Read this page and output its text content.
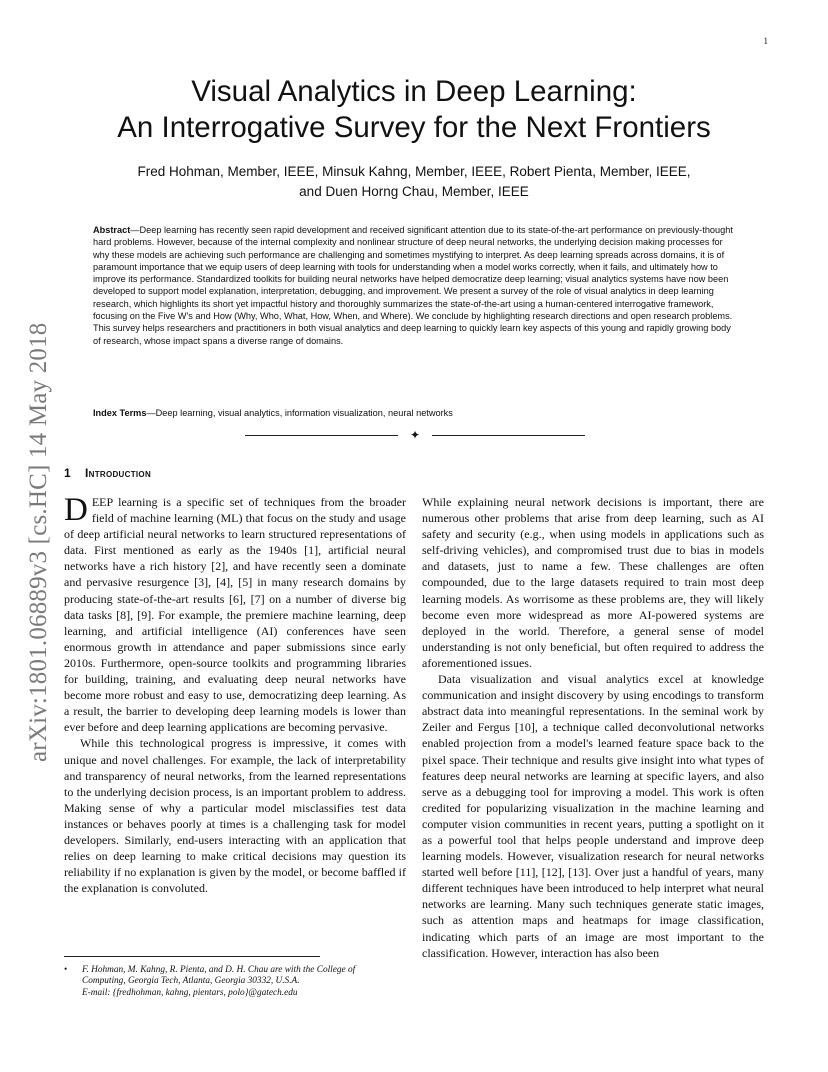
1
arXiv:1801.06889v3 [cs.HC] 14 May 2018
Visual Analytics in Deep Learning:
An Interrogative Survey for the Next Frontiers
Fred Hohman, Member, IEEE, Minsuk Kahng, Member, IEEE, Robert Pienta, Member, IEEE,
and Duen Horng Chau, Member, IEEE
Abstract—Deep learning has recently seen rapid development and received significant attention due to its state-of-the-art performance on previously-thought hard problems. However, because of the internal complexity and nonlinear structure of deep neural networks, the underlying decision making processes for why these models are achieving such performance are challenging and sometimes mystifying to interpret. As deep learning spreads across domains, it is of paramount importance that we equip users of deep learning with tools for understanding when a model works correctly, when it fails, and ultimately how to improve its performance. Standardized toolkits for building neural networks have helped democratize deep learning; visual analytics systems have now been developed to support model explanation, interpretation, debugging, and improvement. We present a survey of the role of visual analytics in deep learning research, which highlights its short yet impactful history and thoroughly summarizes the state-of-the-art using a human-centered interrogative framework, focusing on the Five W's and How (Why, Who, What, How, When, and Where). We conclude by highlighting research directions and open research problems. This survey helps researchers and practitioners in both visual analytics and deep learning to quickly learn key aspects of this young and rapidly growing body of research, whose impact spans a diverse range of domains.
Index Terms—Deep learning, visual analytics, information visualization, neural networks
✦
1 Introduction

DEEP learning is a specific set of techniques from the broader field of machine learning (ML) that focus on the study and usage of deep artificial neural networks to learn structured representations of data. First mentioned as early as the 1940s [1], artificial neural networks have a rich history [2], and have recently seen a dominate and pervasive resurgence [3], [4], [5] in many research domains by producing state-of-the-art results [6], [7] on a number of diverse big data tasks [8], [9]. For example, the premiere machine learning, deep learning, and artificial intelligence (AI) conferences have seen enormous growth in attendance and paper submissions since early 2010s. Furthermore, open-source toolkits and programming libraries for building, training, and evaluating deep neural networks have become more robust and easy to use, democratizing deep learning. As a result, the barrier to developing deep learning models is lower than ever before and deep learning applications are becoming pervasive.

While this technological progress is impressive, it comes with unique and novel challenges. For example, the lack of interpretability and transparency of neural networks, from the learned representations to the underlying decision process, is an important problem to address. Making sense of why a particular model misclassifies test data instances or behaves poorly at times is a challenging task for model developers. Similarly, end-users interacting with an application that relies on deep learning to make critical decisions may question its reliability if no explanation is given by the model, or become baffled if the explanation is convoluted.

While explaining neural network decisions is important, there are numerous other problems that arise from deep learning, such as AI safety and security (e.g., when using models in applications such as self-driving vehicles), and compromised trust due to bias in models and datasets, just to name a few. These challenges are often compounded, due to the large datasets required to train most deep learning models. As worrisome as these problems are, they will likely become even more widespread as more AI-powered systems are deployed in the world. Therefore, a general sense of model understanding is not only beneficial, but often required to address the aforementioned issues.

Data visualization and visual analytics excel at knowledge communication and insight discovery by using encodings to transform abstract data into meaningful representations. In the seminal work by Zeiler and Fergus [10], a technique called deconvolutional networks enabled projection from a model's learned feature space back to the pixel space. Their technique and results give insight into what types of features deep neural networks are learning at specific layers, and also serve as a debugging tool for improving a model. This work is often credited for popularizing visualization in the machine learning and computer vision communities in recent years, putting a spotlight on it as a powerful tool that helps people understand and improve deep learning models. However, visualization research for neural networks started well before [11], [12], [13]. Over just a handful of years, many different techniques have been introduced to help interpret what neural networks are learning. Many such techniques generate static images, such as attention maps and heatmaps for image classification, indicating which parts of an image are most important to the classification. However, interaction has also been

• F. Hohman, M. Kahng, R. Pienta, and D. H. Chau are with the College of
Computing, Georgia Tech, Atlanta, Georgia 30332, U.S.A.
E-mail: {fredhohman, kahng, pientars, polo}@gatech.edu
